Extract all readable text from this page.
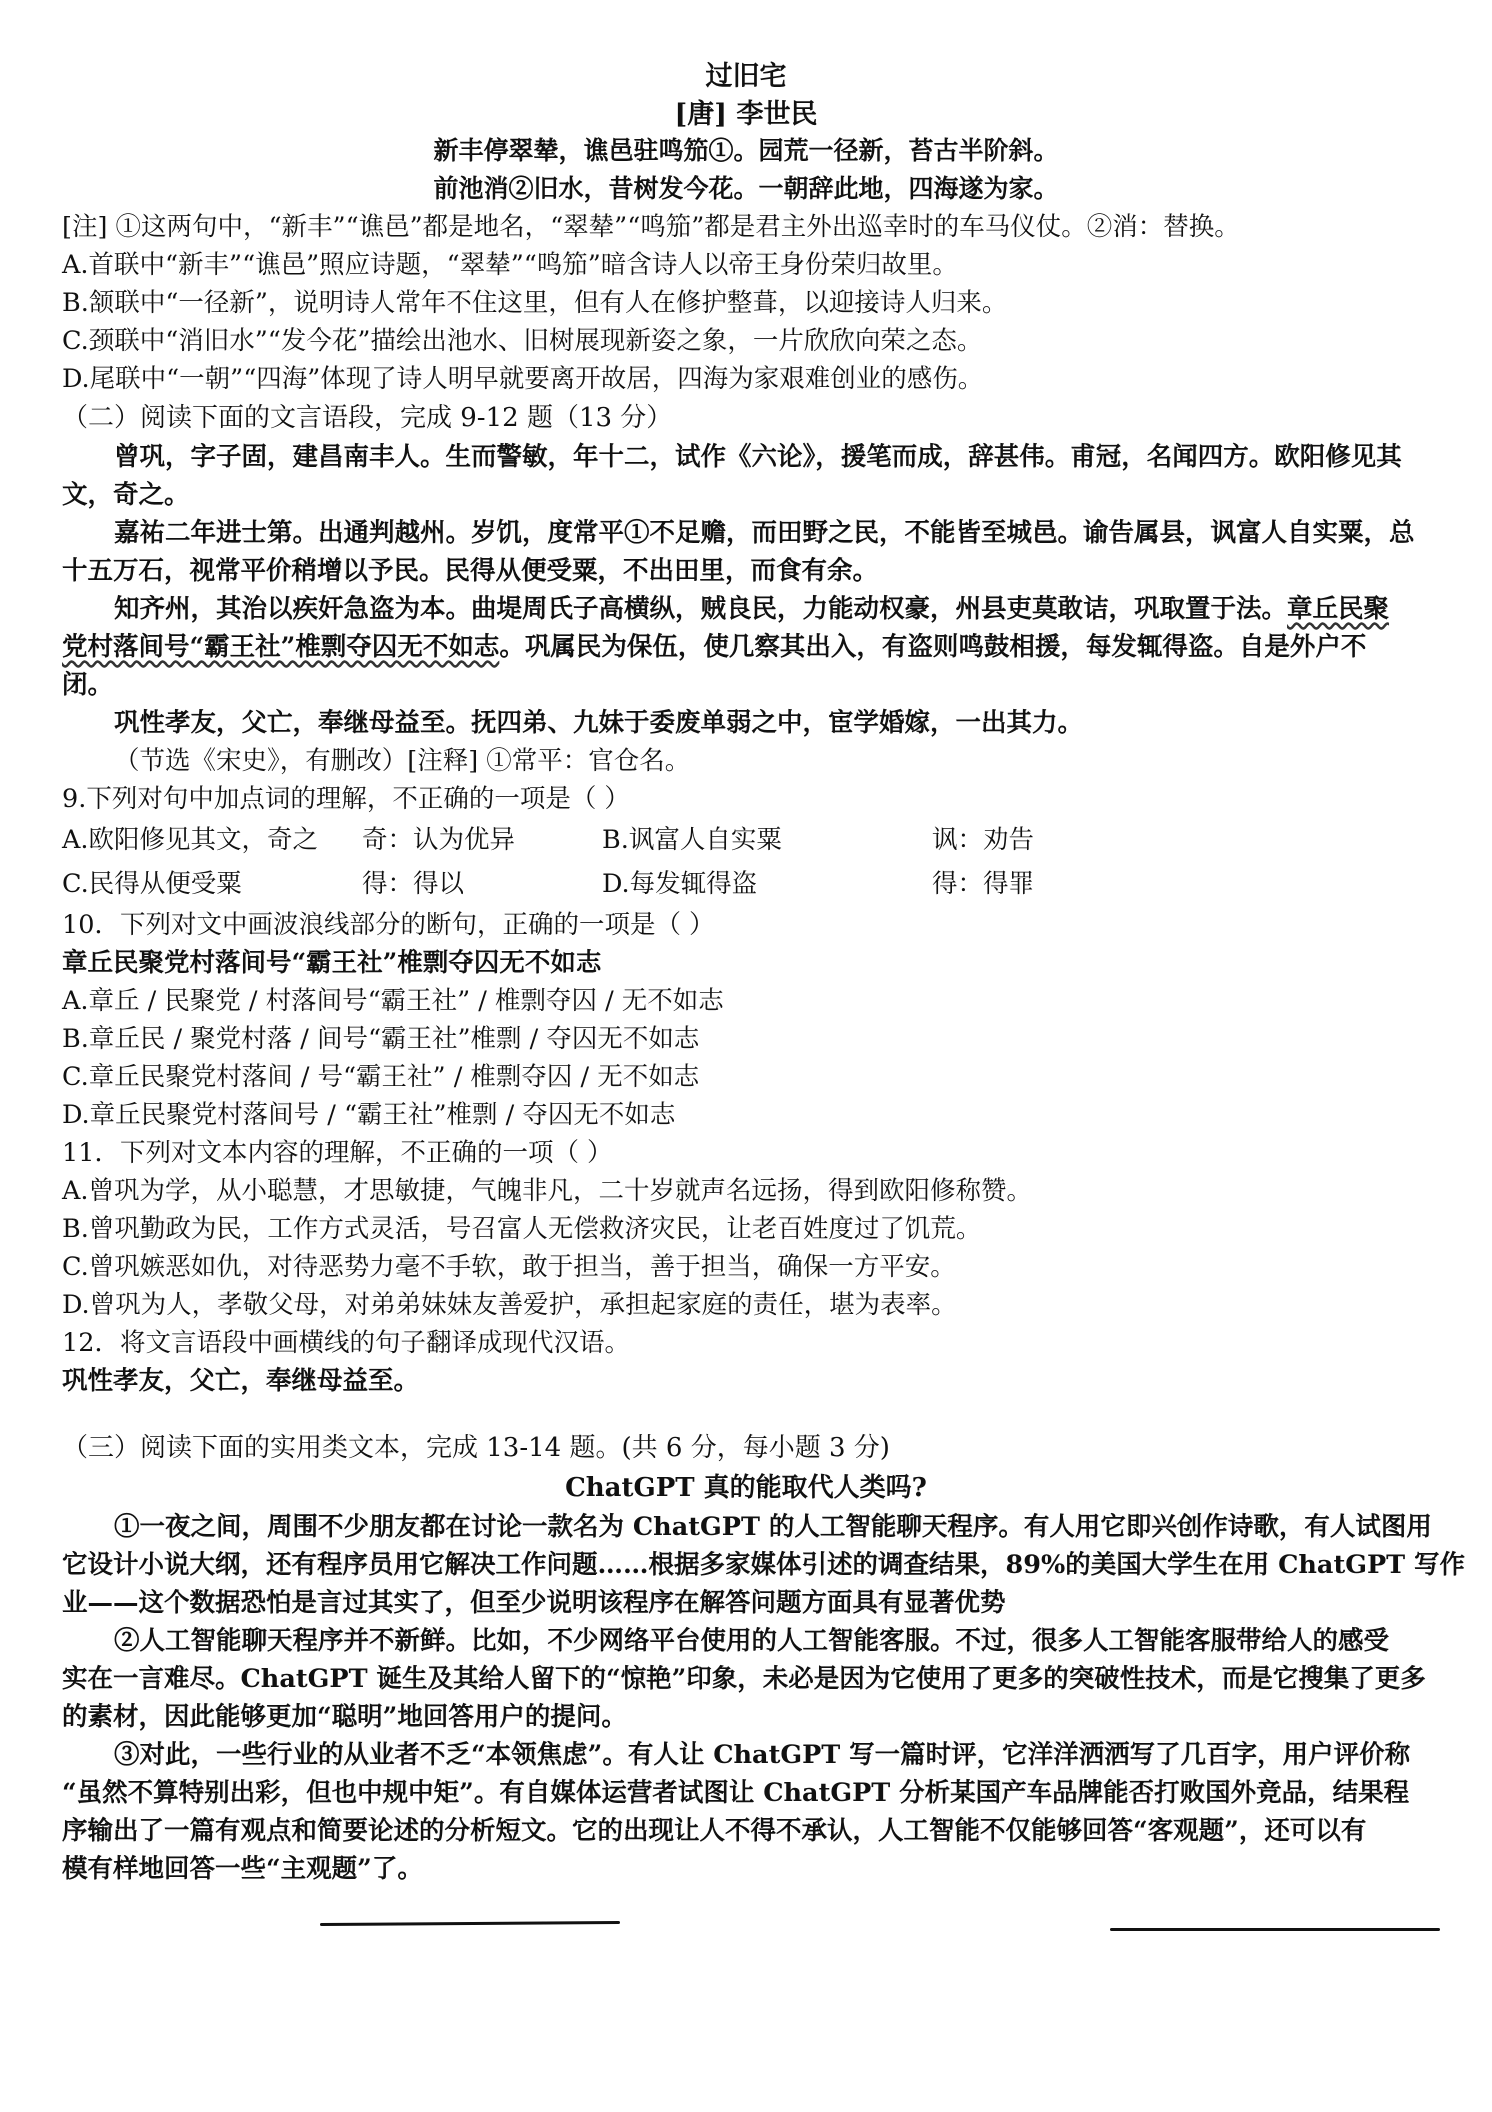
过旧宅
[唐] 李世民
新丰停翠辇，谯邑驻鸣笳①。园荒一径新，苔古半阶斜。
前池消②旧水，昔树发今花。一朝辞此地，四海遂为家。
[注] ①这两句中，“新丰”“谯邑”都是地名，“翠辇”“鸣笳”都是君主外出巡幸时的车马仪仗。②消：替换。
A.首联中“新丰”“谯邑”照应诗题，“翠辇”“鸣笳”暗含诗人以帝王身份荣归故里。
B.颔联中“一径新”，说明诗人常年不住这里，但有人在修护整葺，以迎接诗人归来。
C.颈联中“消旧水”“发今花”描绘出池水、旧树展现新姿之象，一片欣欣向荣之态。
D.尾联中“一朝”“四海”体现了诗人明早就要离开故居，四海为家艰难创业的感伤。
（二）阅读下面的文言语段，完成 9-12 题（13 分）
曾巩，字子固，建昌南丰人。生而警敏，年十二，试作《六论》，援笔而成，辞甚伟。甫冠，名闻四方。欧阳修见其
文，奇之。
嘉祐二年进士第。出通判越州。岁饥，度常平①不足赡，而田野之民，不能皆至城邑。谕告属县，讽富人自实粟，总
十五万石，视常平价稍增以予民。民得从便受粟，不出田里，而食有余。
知齐州，其治以疾奸急盗为本。曲堤周氏子高横纵，贼良民，力能动权豪，州县吏莫敢诘，巩取置于法。章丘民聚
党村落间号“霸王社”椎剽夺囚无不如志。巩属民为保伍，使几察其出入，有盗则鸣鼓相援，每发辄得盗。自是外户不
闭。
巩性孝友，父亡，奉继母益至。抚四弟、九妹于委废单弱之中，宦学婚嫁，一出其力。
（节选《宋史》，有删改）[注释] ①常平：官仓名。
9.下列对句中加点词的理解，不正确的一项是（ ）
A.欧阳修见其文，奇之	奇：认为优异	B.讽富人自实粟	讽：劝告
C.民得从便受粟	得：得以	D.每发辄得盗	得：得罪
10．下列对文中画波浪线部分的断句，正确的一项是（ ）
章丘民聚党村落间号“霸王社”椎剽夺囚无不如志
A.章丘 / 民聚党 / 村落间号“霸王社” / 椎剽夺囚 / 无不如志
B.章丘民 / 聚党村落 / 间号“霸王社”椎剽 / 夺囚无不如志
C.章丘民聚党村落间 / 号“霸王社” / 椎剽夺囚 / 无不如志
D.章丘民聚党村落间号 / “霸王社”椎剽 / 夺囚无不如志
11．下列对文本内容的理解，不正确的一项（ ）
A.曾巩为学，从小聪慧，才思敏捷，气魄非凡，二十岁就声名远扬，得到欧阳修称赞。
B.曾巩勤政为民，工作方式灵活，号召富人无偿救济灾民，让老百姓度过了饥荒。
C.曾巩嫉恶如仇，对待恶势力毫不手软，敢于担当，善于担当，确保一方平安。
D.曾巩为人，孝敬父母，对弟弟妹妹友善爱护，承担起家庭的责任，堪为表率。
12．将文言语段中画横线的句子翻译成现代汉语。
巩性孝友，父亡，奉继母益至。
（三）阅读下面的实用类文本，完成 13-14 题。(共 6 分，每小题 3 分)
ChatGPT 真的能取代人类吗?
①一夜之间，周围不少朋友都在讨论一款名为 ChatGPT 的人工智能聊天程序。有人用它即兴创作诗歌，有人试图用
它设计小说大纲，还有程序员用它解决工作问题……根据多家媒体引述的调查结果，89%的美国大学生在用 ChatGPT 写作
业——这个数据恐怕是言过其实了，但至少说明该程序在解答问题方面具有显著优势
②人工智能聊天程序并不新鲜。比如，不少网络平台使用的人工智能客服。不过，很多人工智能客服带给人的感受
实在一言难尽。ChatGPT 诞生及其给人留下的“惊艳”印象，未必是因为它使用了更多的突破性技术，而是它搜集了更多
的素材，因此能够更加“聪明”地回答用户的提问。
③对此，一些行业的从业者不乏“本领焦虑”。有人让 ChatGPT 写一篇时评，它洋洋洒洒写了几百字，用户评价称
“虽然不算特别出彩，但也中规中矩”。有自媒体运营者试图让 ChatGPT 分析某国产车品牌能否打败国外竞品，结果程
序输出了一篇有观点和简要论述的分析短文。它的出现让人不得不承认，人工智能不仅能够回答“客观题”，还可以有
模有样地回答一些“主观题”了。
